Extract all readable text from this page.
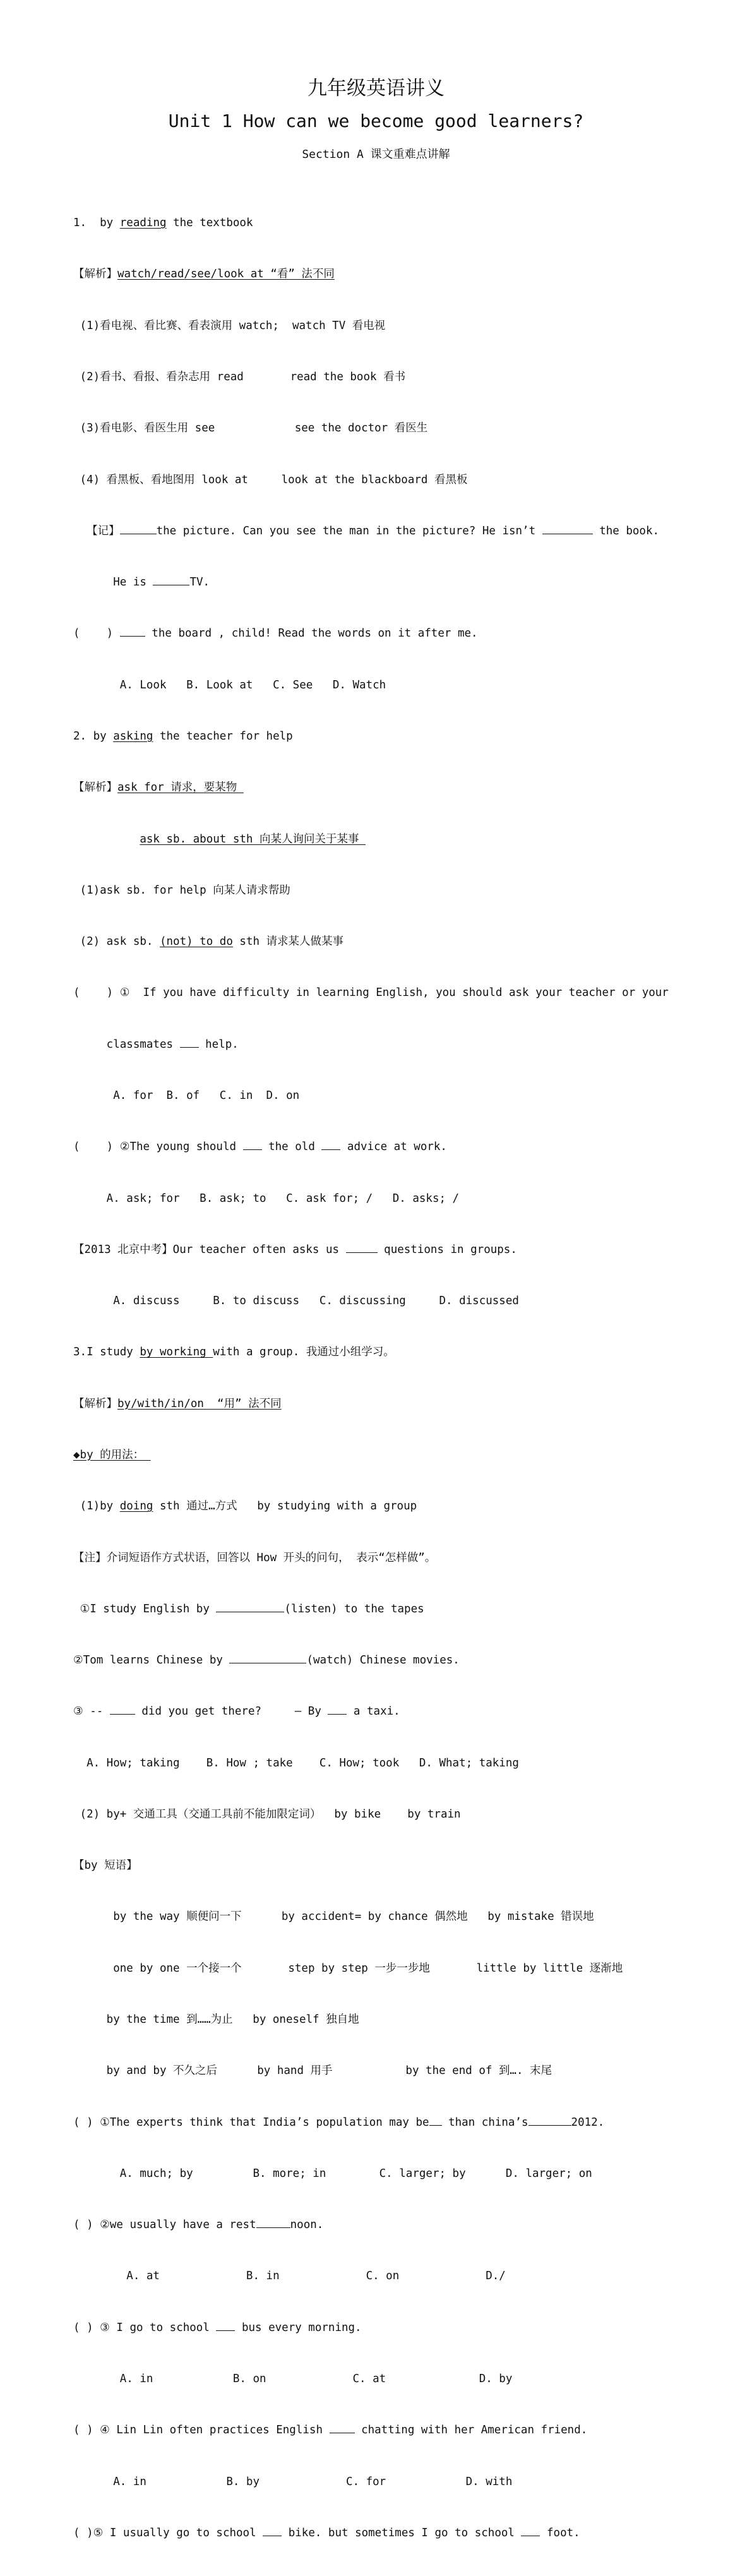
九年级英语讲义
Unit 1 How can we become good learners?
Section A 课文重难点讲解

1.  by reading the textbook

【解析】watch/read/see/look at “看” 法不同

(1)看电视、看比赛、看表演用 watch;  watch TV 看电视

(2)看书、看报、看杂志用 read       read the book 看书

(3)看电影、看医生用 see            see the doctor 看医生

(4) 看黑板、看地图用 look at     look at the blackboard 看黑板

【记】	the picture. Can you see the man in the picture? He isn’t	the book.

He is	TV.

(    )  the board , child! Read the words on it after me.

A. Look   B. Look at   C. See   D. Watch

2. by asking the teacher for help

【解析】ask for 请求，要某物

ask sb. about sth 向某人询问关于某事

(1)ask sb. for help 向某人请求帮助

(2) ask sb. (not) to do sth 请求某人做某事

(    ) ①  If you have difficulty in learning English, you should ask your teacher or your

classmates  help.

A. for  B. of   C. in  D. on

(    ) ②The young should  the old  advice at work.

A. ask; for   B. ask; to   C. ask for; /   D. asks; /

【2013 北京中考】Our teacher often asks us	questions in groups.

A. discuss     B. to discuss   C. discussing     D. discussed

3.I study by working with a group. 我通过小组学习。

【解析】by/with/in/on  “用” 法不同

◆by 的用法：

(1)by doing sth 通过…方式   by studying with a group

【注】介词短语作方式状语，回答以 How 开头的问句， 表示“怎样做”。

①I study English by	(listen) to the tapes

②Tom learns Chinese by	(watch) Chinese movies.

③ --  did you get there?     — By  a taxi.

A. How; taking    B. How ; take    C. How; took   D. What; taking

(2) by+ 交通工具（交通工具前不能加限定词）  by bike    by train

【by 短语】

by the way 顺便问一下      by accident= by chance 偶然地   by mistake 错误地

one by one 一个接一个       step by step 一步一步地       little by little 逐渐地

by the time 到……为止   by oneself 独自地

by and by 不久之后      by hand 用手           by the end of 到…. 末尾

( ) ①The experts think that India’s population may be than china’s	2012.

A. much; by         B. more; in        C. larger; by      D. larger; on

( ) ②we usually have a rest	noon.

A. at             B. in             C. on             D./

( ) ③ I go to school  bus every morning.

A. in            B. on             C. at              D. by

( ) ④ Lin Lin often practices English  chatting with her American friend.

A. in            B. by             C. for            D. with

( )⑤ I usually go to school  bike. but sometimes I go to school  foot.
